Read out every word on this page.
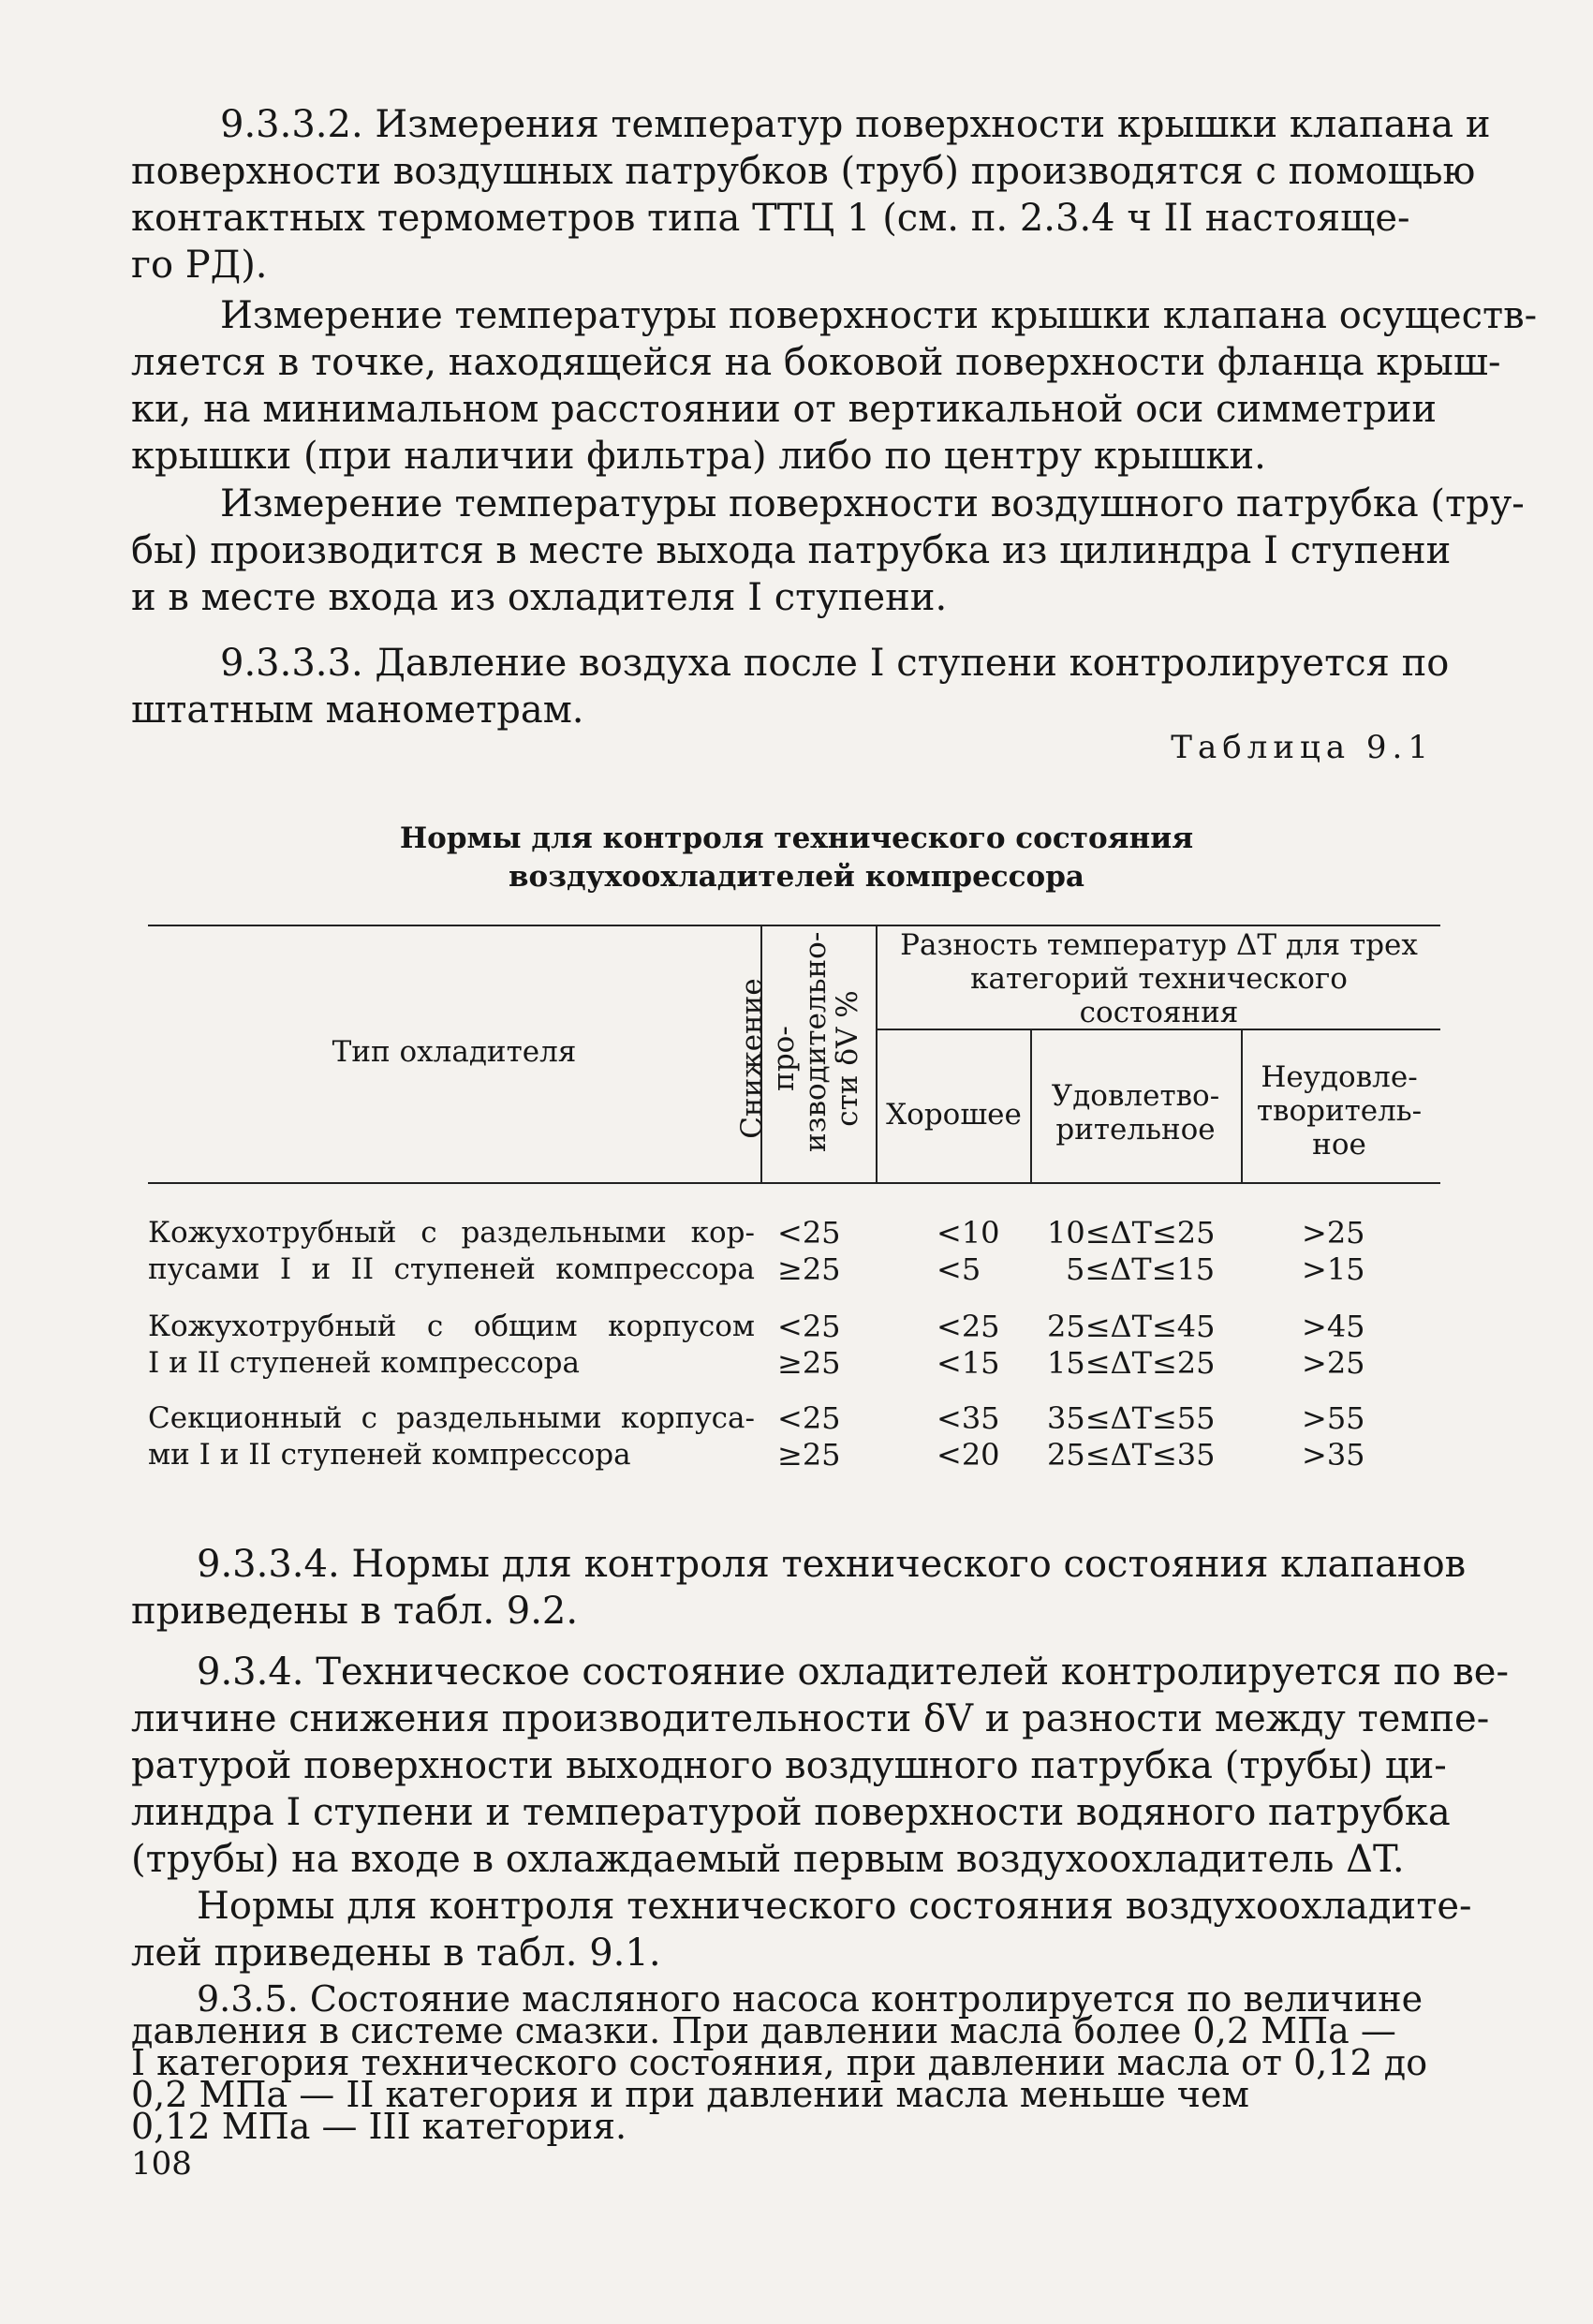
9.3.3.2. Измерения температур поверхности крышки клапана и
поверхности воздушных патрубков (труб) производятся с помощью
контактных термометров типа ТТЦ 1 (см. п. 2.3.4 ч II настояще-
го РД).

Измерение температуры поверхности крышки клапана осуществ-
ляется в точке, находящейся на боковой поверхности фланца крыш-
ки, на минимальном расстоянии от вертикальной оси симметрии
крышки (при наличии фильтра) либо по центру крышки.

Измерение температуры поверхности воздушного патрубка (тру-
бы) производится в месте выхода патрубка из цилиндра I ступени
и в месте входа из охладителя I ступени.

9.3.3.3. Давление воздуха после I ступени контролируется по
штатным манометрам.

Таблица 9.1
Нормы для контроля технического состояния
воздухоохладителей компрессора
Тип охладителя	Снижение про-изводительно-сти δV %
Разность температур ΔT для трех категорий технического состояния
Хорошее
Удовлетво-рительное
Неудовле-творитель-ное
Кожухотрубный с раздельными кор-
пусами I и II ступеней компрессора
<25
≥25
<10
<5
10≤ΔT≤25
5≤ΔT≤15
>25
>15
Кожухотрубный с общим корпусом
I и II ступеней компрессора
<25
≥25
<25
<15
25≤ΔT≤45
15≤ΔT≤25
>45
>25
Секционный с раздельными корпуса-
ми I и II ступеней компрессора
<25
≥25
<35
<20
35≤ΔT≤55
25≤ΔT≤35
>55
>35

9.3.3.4. Нормы для контроля технического состояния клапанов
приведены в табл. 9.2.

9.3.4. Техническое состояние охладителей контролируется по ве-
личине снижения производительности δV и разности между темпе-
ратурой поверхности выходного воздушного патрубка (трубы) ци-
линдра I ступени и температурой поверхности водяного патрубка
(трубы) на входе в охлаждаемый первым воздухоохладитель ΔT.

Нормы для контроля технического состояния воздухоохладите-
лей приведены в табл. 9.1.

9.3.5. Состояние масляного насоса контролируется по величине
давления в системе смазки. При давлении масла более 0,2 МПа —
I категория технического состояния, при давлении масла от 0,12 до
0,2 МПа — II категория и при давлении масла меньше чем
0,12 МПа — III категория.

108
